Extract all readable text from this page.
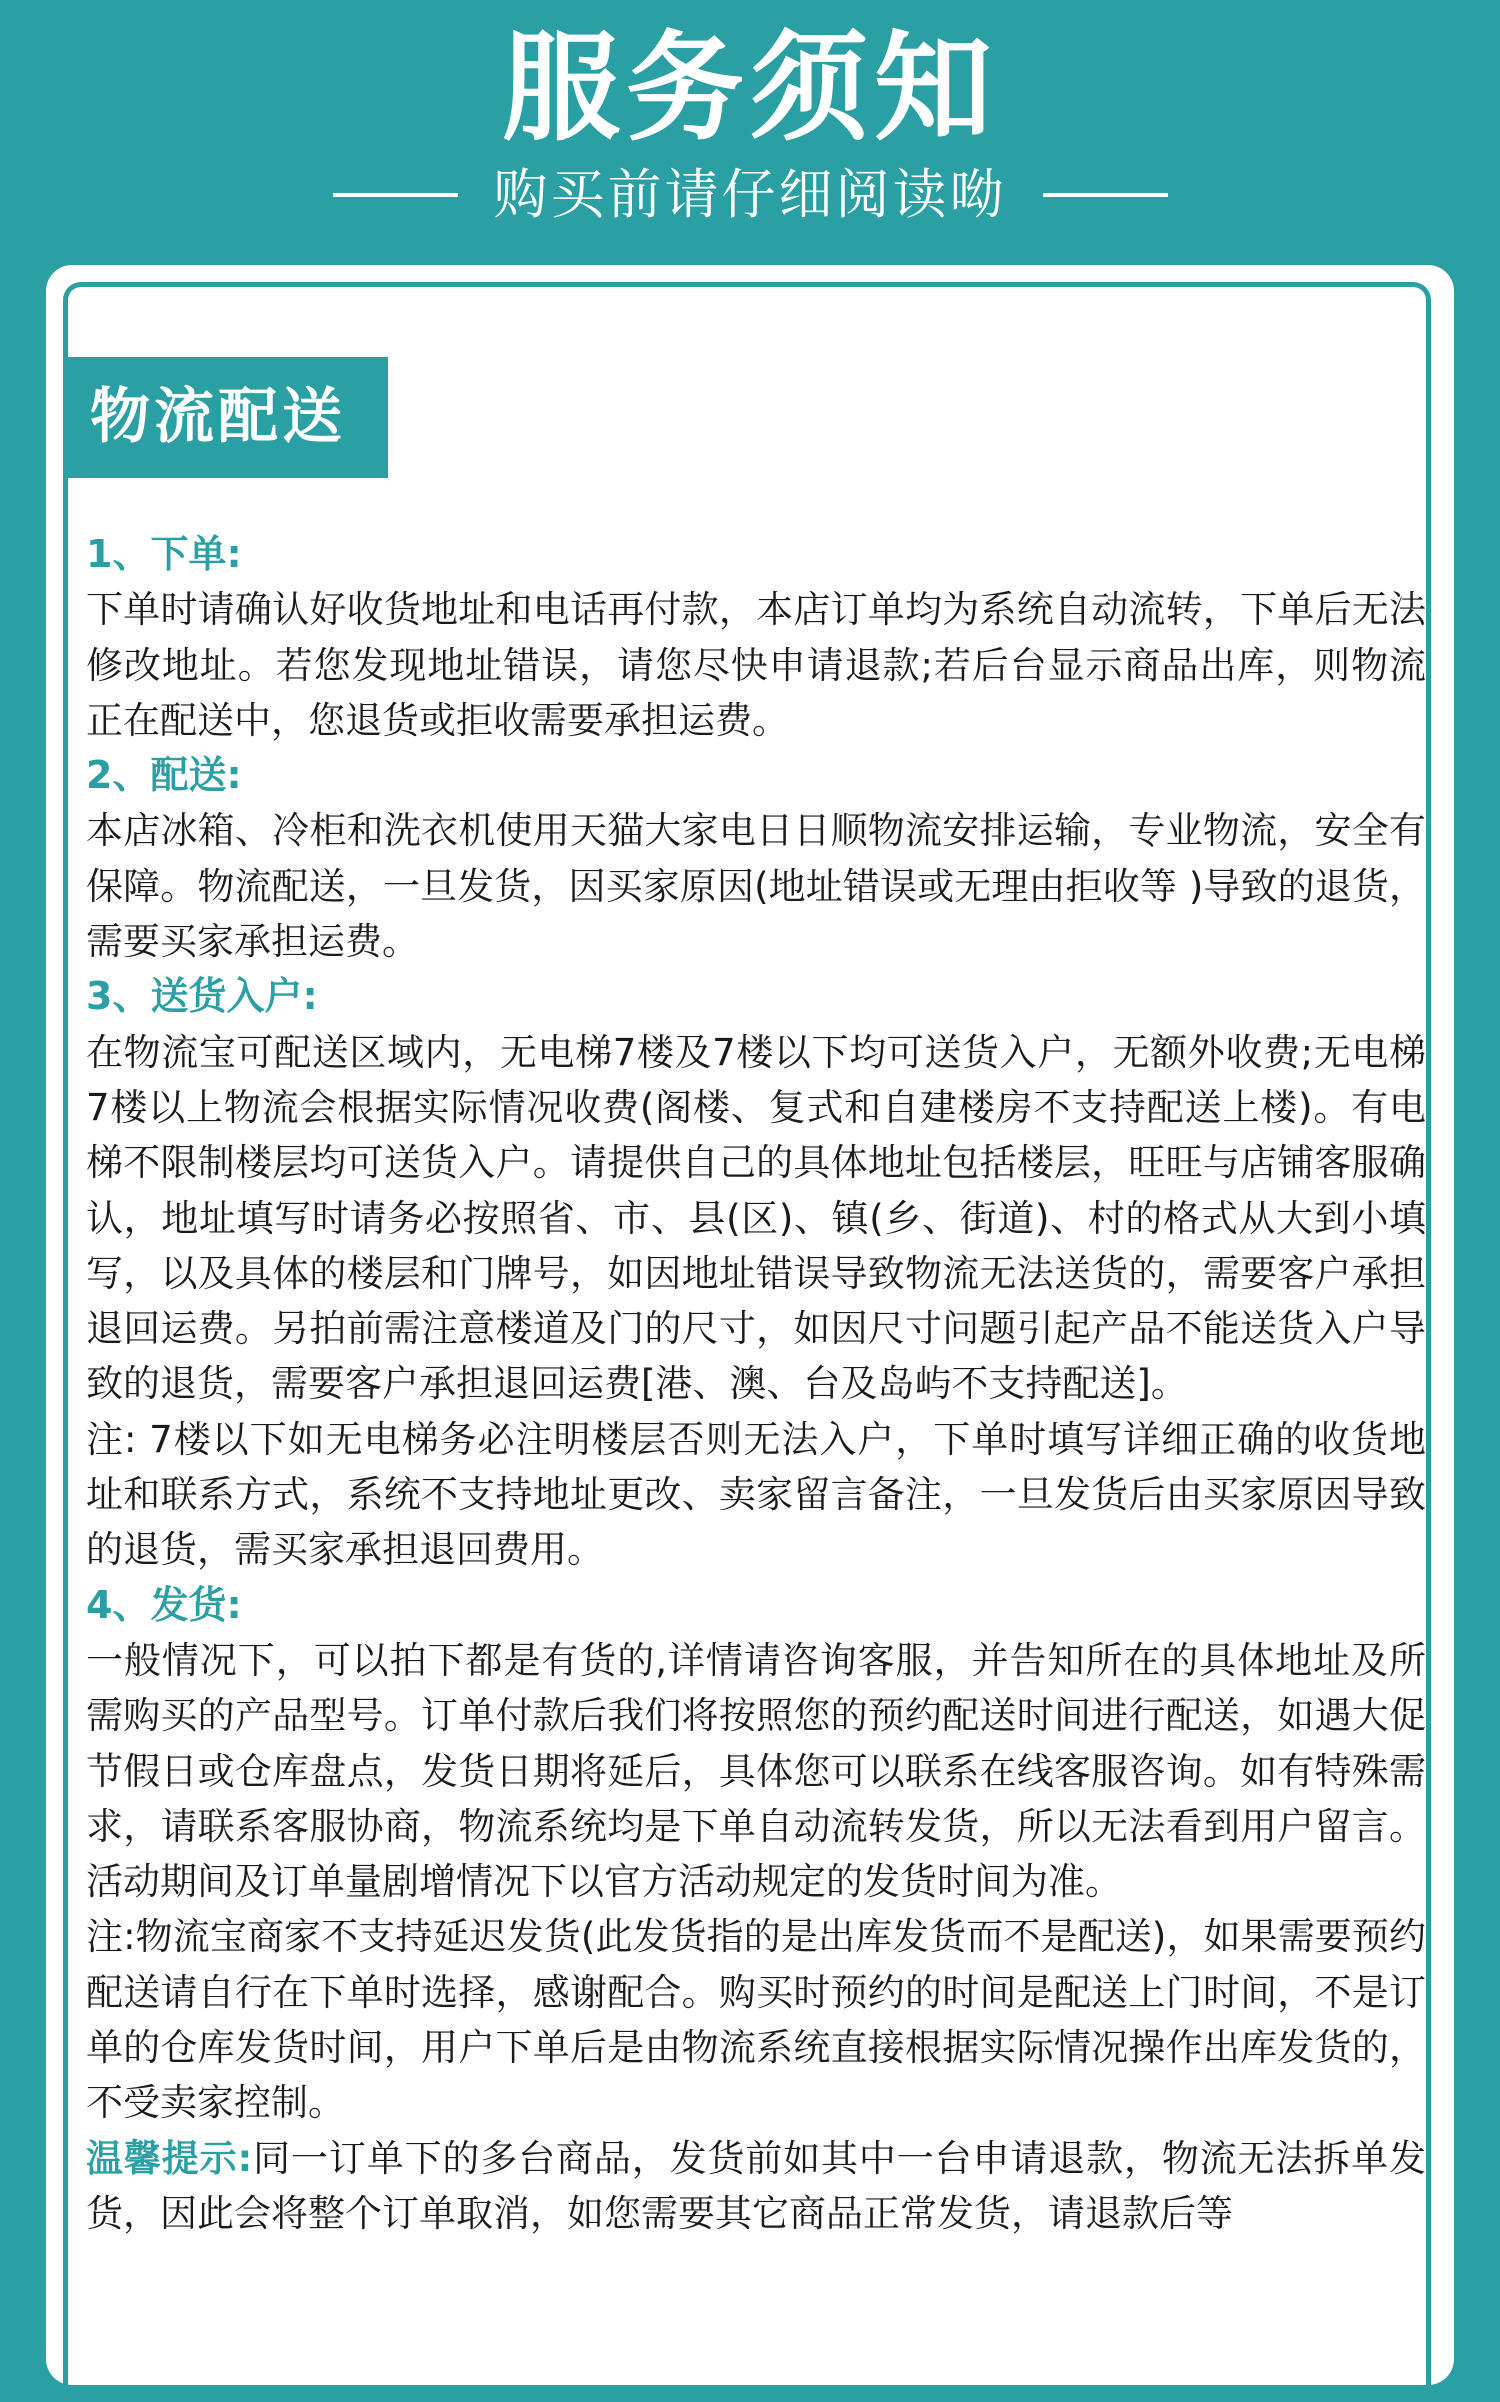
服务须知
购买前请仔细阅读呦
物流配送
1、下单:
下单时请确认好收货地址和电话再付款，本店订单均为系统自动流转，下单后无法修改地址。若您发现地址错误，请您尽快申请退款;若后台显示商品出库，则物流正在配送中，您退货或拒收需要承担运费。
2、配送:
本店冰箱、冷柜和洗衣机使用天猫大家电日日顺物流安排运输，专业物流，安全有保障。物流配送，一旦发货，因买家原因(地址错误或无理由拒收等 )导致的退货，需要买家承担运费。
3、送货入户:
在物流宝可配送区域内，无电梯7楼及7楼以下均可送货入户，无额外收费;无电梯7楼以上物流会根据实际情况收费(阁楼、复式和自建楼房不支持配送上楼)。有电梯不限制楼层均可送货入户。请提供自己的具体地址包括楼层，旺旺与店铺客服确认，地址填写时请务必按照省、市、县(区)、镇(乡、街道)、村的格式从大到小填写，以及具体的楼层和门牌号，如因地址错误导致物流无法送货的，需要客户承担退回运费。另拍前需注意楼道及门的尺寸，如因尺寸问题引起产品不能送货入户导致的退货，需要客户承担退回运费[港、澳、台及岛屿不支持配送]。
注: 7楼以下如无电梯务必注明楼层否则无法入户，下单时填写详细正确的收货地 址和联系方式，系统不支持地址更改、卖家留言备注，一旦发货后由买家原因导致的退货，需买家承担退回费用。
4、发货:
一般情况下，可以拍下都是有货的,详情请咨询客服，并告知所在的具体地址及所需购买的产品型号。订单付款后我们将按照您的预约配送时间进行配送，如遇大促节假日或仓库盘点，发货日期将延后，具体您可以联系在线客服咨询。如有特殊需求，请联系客服协商，物流系统均是下单自动流转发货，所以无法看到用户留言。活动期间及订单量剧增情况下以官方活动规定的发货时间为准。
注:物流宝商家不支持延迟发货(此发货指的是出库发货而不是配送)，如果需要预约配送请自行在下单时选择，感谢配合。购买时预约的时间是配送上门时间，不是订单的仓库发货时间，用户下单后是由物流系统直接根据实际情况操作出库发货的，不受卖家控制。
温馨提示:同一订单下的多台商品，发货前如其中一台申请退款，物流无法拆单发货，因此会将整个订单取消，如您需要其它商品正常发货，请退款后等
